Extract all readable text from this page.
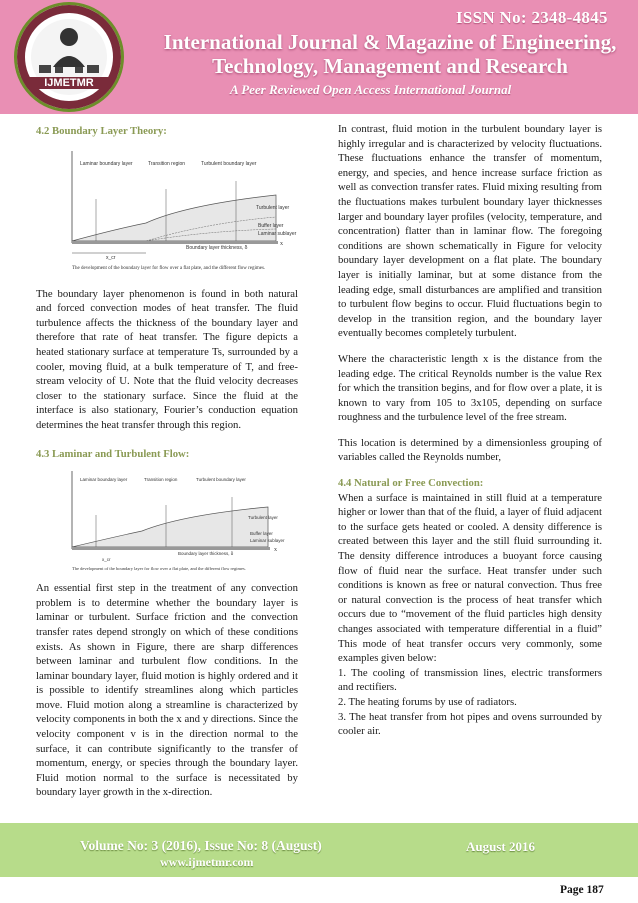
IJMETMR
ISSN No: 2348-4845
International Journal & Magazine of Engineering,
Technology, Management and Research
A Peer Reviewed Open Access International Journal

4.2 Boundary Layer Theory:

Laminar boundary layer	Transition region	Turbulent boundary layer
Turbulent layer
Buffer layer
Laminar sublayer
Boundary layer thickness, δ
x_cr
x
The development of the boundary layer for flow over a flat plate, and the different flow regimes.

The boundary layer phenomenon is found in both natural and forced convection modes of heat transfer. The fluid turbulence affects the thickness of the boundary layer and therefore that rate of heat transfer. The figure depicts a heated stationary surface at temperature Ts, surrounded by a cooler, moving fluid, at a bulk temperature of T, and free-stream velocity of U. Note that the fluid velocity decreases closer to the stationary surface. Since the fluid at the interface is also stationary, Fourier’s conduction equation determines the heat transfer through this region.

4.3 Laminar and Turbulent Flow:

Laminar boundary layer	Transition region	Turbulent boundary layer
Turbulent layer
Buffer layer
Laminar sublayer
Boundary layer thickness, δ
x
x_cr
The development of the boundary layer for flow over a flat plate, and the different flow regimes.

An essential first step in the treatment of any convection problem is to determine whether the boundary layer is laminar or turbulent. Surface friction and the convection transfer rates depend strongly on which of these conditions exists. As shown in Figure, there are sharp differences between laminar and turbulent flow conditions. In the laminar boundary layer, fluid motion is highly ordered and it is possible to identify streamlines along which particles move. Fluid motion along a streamline is characterized by velocity components in both the x and y directions. Since the velocity component v is in the direction normal to the surface, it can contribute significantly to the transfer of momentum, energy, or species through the boundary layer. Fluid motion normal to the surface is necessitated by boundary layer growth in the x-direction.

In contrast, fluid motion in the turbulent boundary layer is highly irregular and is characterized by velocity fluctuations. These fluctuations enhance the transfer of momentum, energy, and species, and hence increase surface friction as well as convection transfer rates. Fluid mixing resulting from the fluctuations makes turbulent boundary layer thicknesses larger and boundary layer profiles (velocity, temperature, and concentration) flatter than in laminar flow. The foregoing conditions are shown schematically in Figure for velocity boundary layer development on a flat plate. The boundary layer is initially laminar, but at some distance from the leading edge, small disturbances are amplified and transition to turbulent flow begins to occur. Fluid fluctuations begin to develop in the transition region, and the boundary layer eventually becomes completely turbulent.

Where the characteristic length x is the distance from the leading edge. The critical Reynolds number is the value Rex for which the transition begins, and for flow over a plate, it is known to vary from 105 to 3x105, depending on surface roughness and the turbulence level of the free stream.

This location is determined by a dimensionless grouping of variables called the Reynolds number,

4.4 Natural or Free Convection:

When a surface is maintained in still fluid at a temperature higher or lower than that of the fluid, a layer of fluid adjacent to the surface gets heated or cooled. A density difference is created between this layer and the still fluid surrounding it. The density difference introduces a buoyant force causing flow of fluid near the surface. Heat transfer under such conditions is known as free or natural convection. Thus free or natural convection is the process of heat transfer which occurs due to “movement of the fluid particles high density changes associated with temperature differential in a fluid” This mode of heat transfer occurs very commonly, some examples given below:

1. The cooling of transmission lines, electric transformers and rectifiers.

2. The heating forums by use of radiators.

3. The heat transfer from hot pipes and ovens surrounded by cooler air.

Volume No: 3 (2016), Issue No: 8 (August)
www.ijmetmr.com
August 2016
Page 187
